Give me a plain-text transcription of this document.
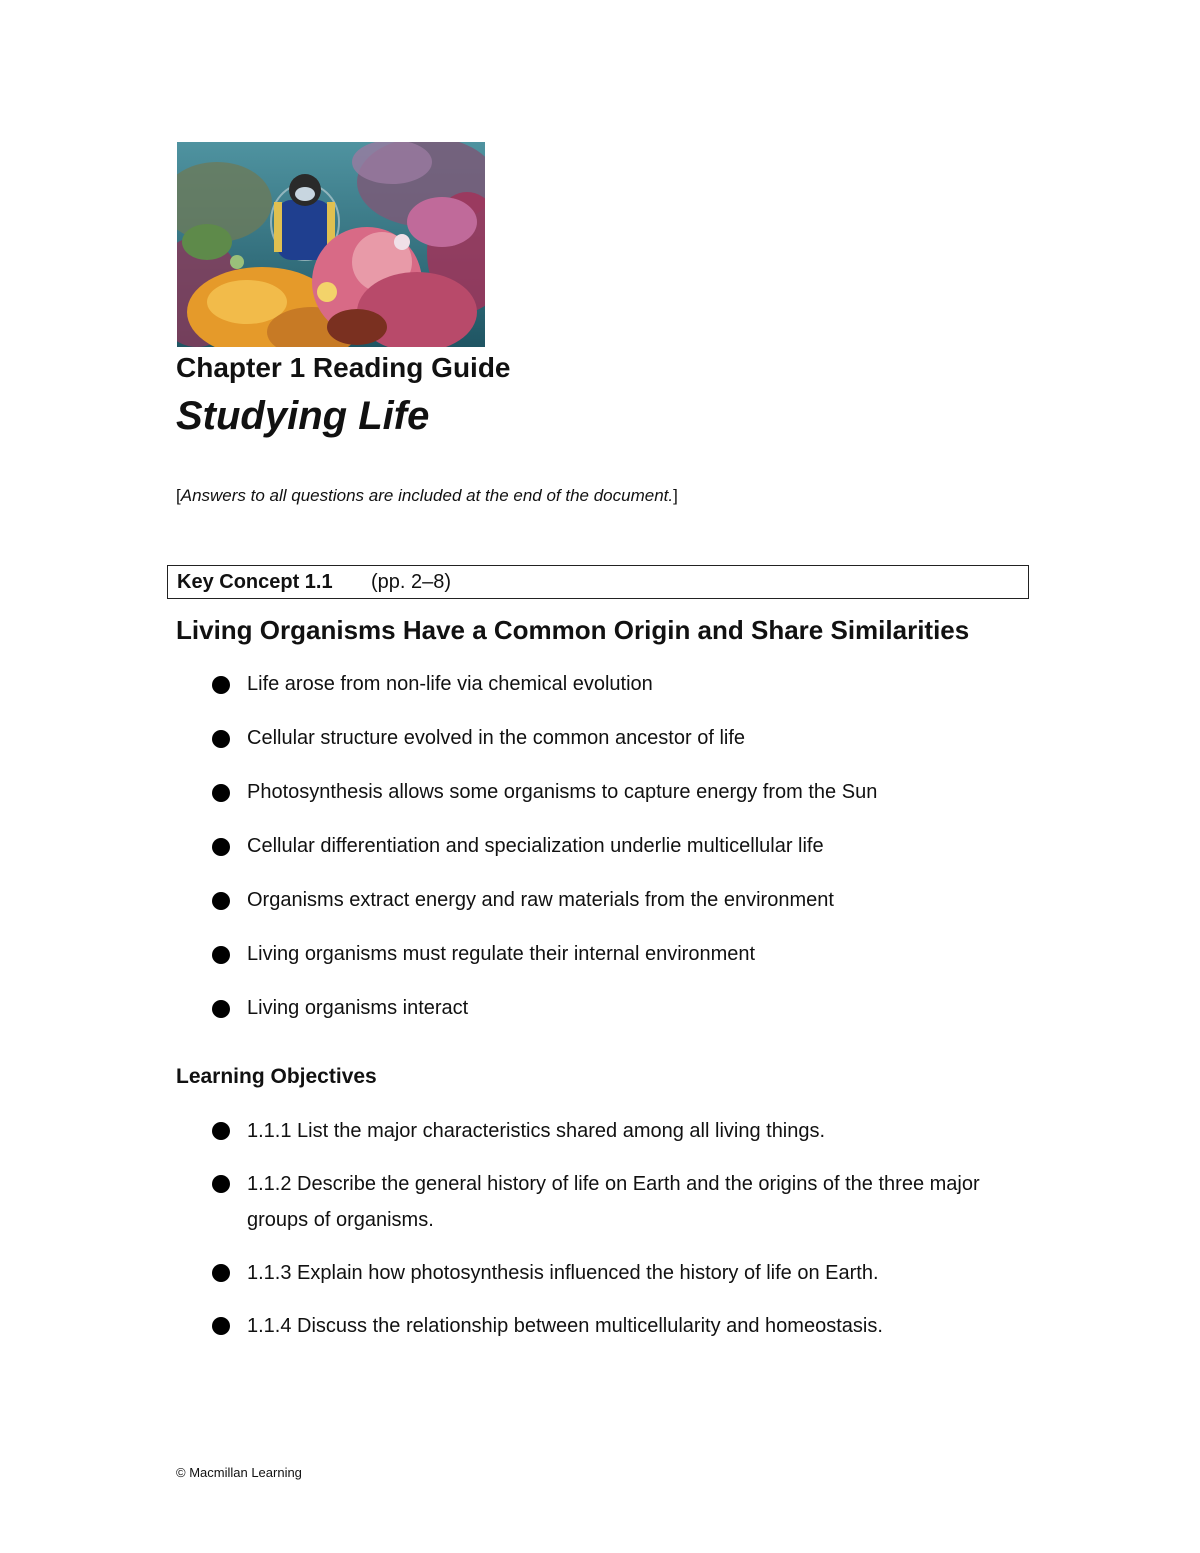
Chapter 1 Reading Guide
Studying Life
[Answers to all questions are included at the end of the document.]
Key Concept 1.1 (pp. 2–8)
Living Organisms Have a Common Origin and Share Similarities
Life arose from non-life via chemical evolution
Cellular structure evolved in the common ancestor of life
Photosynthesis allows some organisms to capture energy from the Sun
Cellular differentiation and specialization underlie multicellular life
Organisms extract energy and raw materials from the environment
Living organisms must regulate their internal environment
Living organisms interact
Learning Objectives
1.1.1 List the major characteristics shared among all living things.
1.1.2 Describe the general history of life on Earth and the origins of the three major groups of organisms.
1.1.3 Explain how photosynthesis influenced the history of life on Earth.
1.1.4 Discuss the relationship between multicellularity and homeostasis.
© Macmillan Learning
